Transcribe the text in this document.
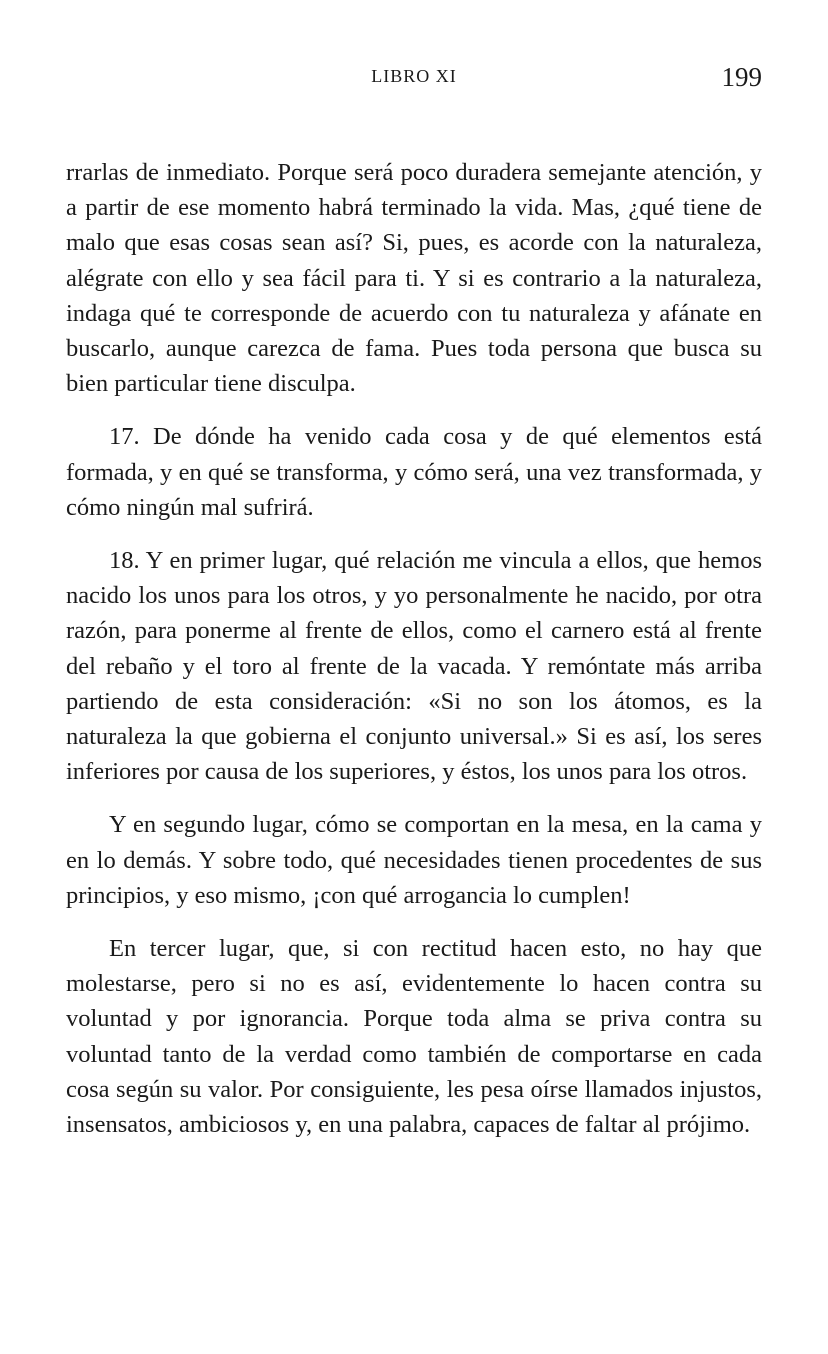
LIBRO XI	199

rrarlas de inmediato. Porque será poco duradera semejante atención, y a partir de ese momento habrá terminado la vida. Mas, ¿qué tiene de malo que esas cosas sean así? Si, pues, es acorde con la naturaleza, alégrate con ello y sea fácil para ti. Y si es contrario a la naturaleza, indaga qué te corresponde de acuerdo con tu naturaleza y afánate en buscarlo, aunque carezca de fama. Pues toda persona que busca su bien particular tiene disculpa.

17. De dónde ha venido cada cosa y de qué elementos está formada, y en qué se transforma, y cómo será, una vez transformada, y cómo ningún mal sufrirá.

18. Y en primer lugar, qué relación me vincula a ellos, que hemos nacido los unos para los otros, y yo personalmente he nacido, por otra razón, para ponerme al frente de ellos, como el carnero está al frente del rebaño y el toro al frente de la vacada. Y remóntate más arriba partiendo de esta consideración: «Si no son los átomos, es la naturaleza la que gobierna el conjunto universal.» Si es así, los seres inferiores por causa de los superiores, y éstos, los unos para los otros.

Y en segundo lugar, cómo se comportan en la mesa, en la cama y en lo demás. Y sobre todo, qué necesidades tienen procedentes de sus principios, y eso mismo, ¡con qué arrogancia lo cumplen!

En tercer lugar, que, si con rectitud hacen esto, no hay que molestarse, pero si no es así, evidentemente lo hacen contra su voluntad y por ignorancia. Porque toda alma se priva contra su voluntad tanto de la verdad como también de comportarse en cada cosa según su valor. Por consiguiente, les pesa oírse llamados injustos, insensatos, ambiciosos y, en una palabra, capaces de faltar al prójimo.
